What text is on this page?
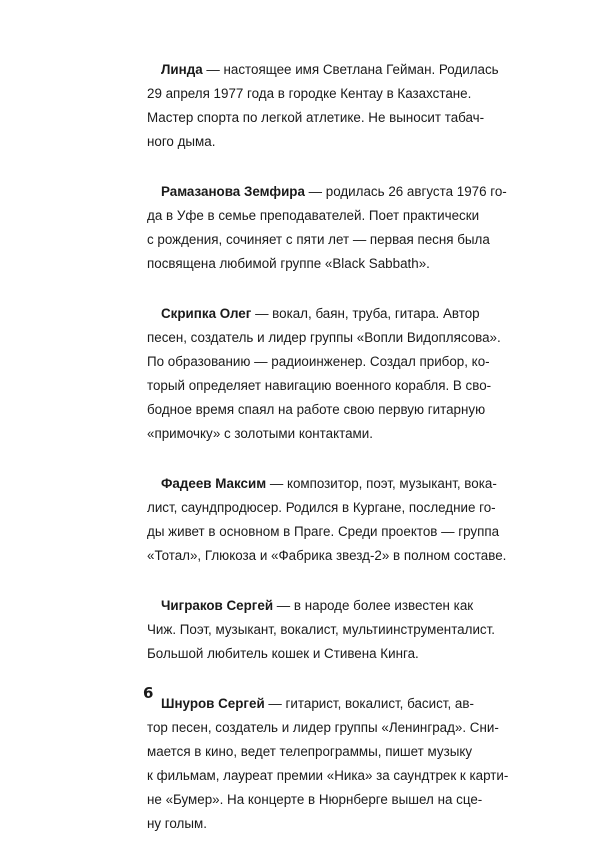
Линда — настоящее имя Светлана Гейман. Родилась
29 апреля 1977 года в городке Кентау в Казахстане.
Мастер спорта по легкой атлетике. Не выносит табач-
ного дыма.
Рамазанова Земфира — родилась 26 августа 1976 го-
да в Уфе в семье преподавателей. Поет практически
с рождения, сочиняет с пяти лет — первая песня была
посвящена любимой группе «Black Sabbath».
Скрипка Олег — вокал, баян, труба, гитара. Автор
песен, создатель и лидер группы «Вопли Видоплясова».
По образованию — радиоинженер. Создал прибор, ко-
торый определяет навигацию военного корабля. В сво-
бодное время спаял на работе свою первую гитарную
«примочку» с золотыми контактами.
Фадеев Максим — композитор, поэт, музыкант, вока-
лист, саундпродюсер. Родился в Кургане, последние го-
ды живет в основном в Праге. Среди проектов — группа
«Тотал», Глюкоза и «Фабрика звезд-2» в полном составе.
Чиграков Сергей — в народе более известен как
Чиж. Поэт, музыкант, вокалист, мультиинструменталист.
Большой любитель кошек и Стивена Кинга.
Шнуров Сергей — гитарист, вокалист, басист, ав-
тор песен, создатель и лидер группы «Ленинград». Сни-
мается в кино, ведет телепрограммы, пишет музыку
к фильмам, лауреат премии «Ника» за саундтрек к карти-
не «Бумер». На концерте в Нюрнберге вышел на сце-
ну голым.
6
